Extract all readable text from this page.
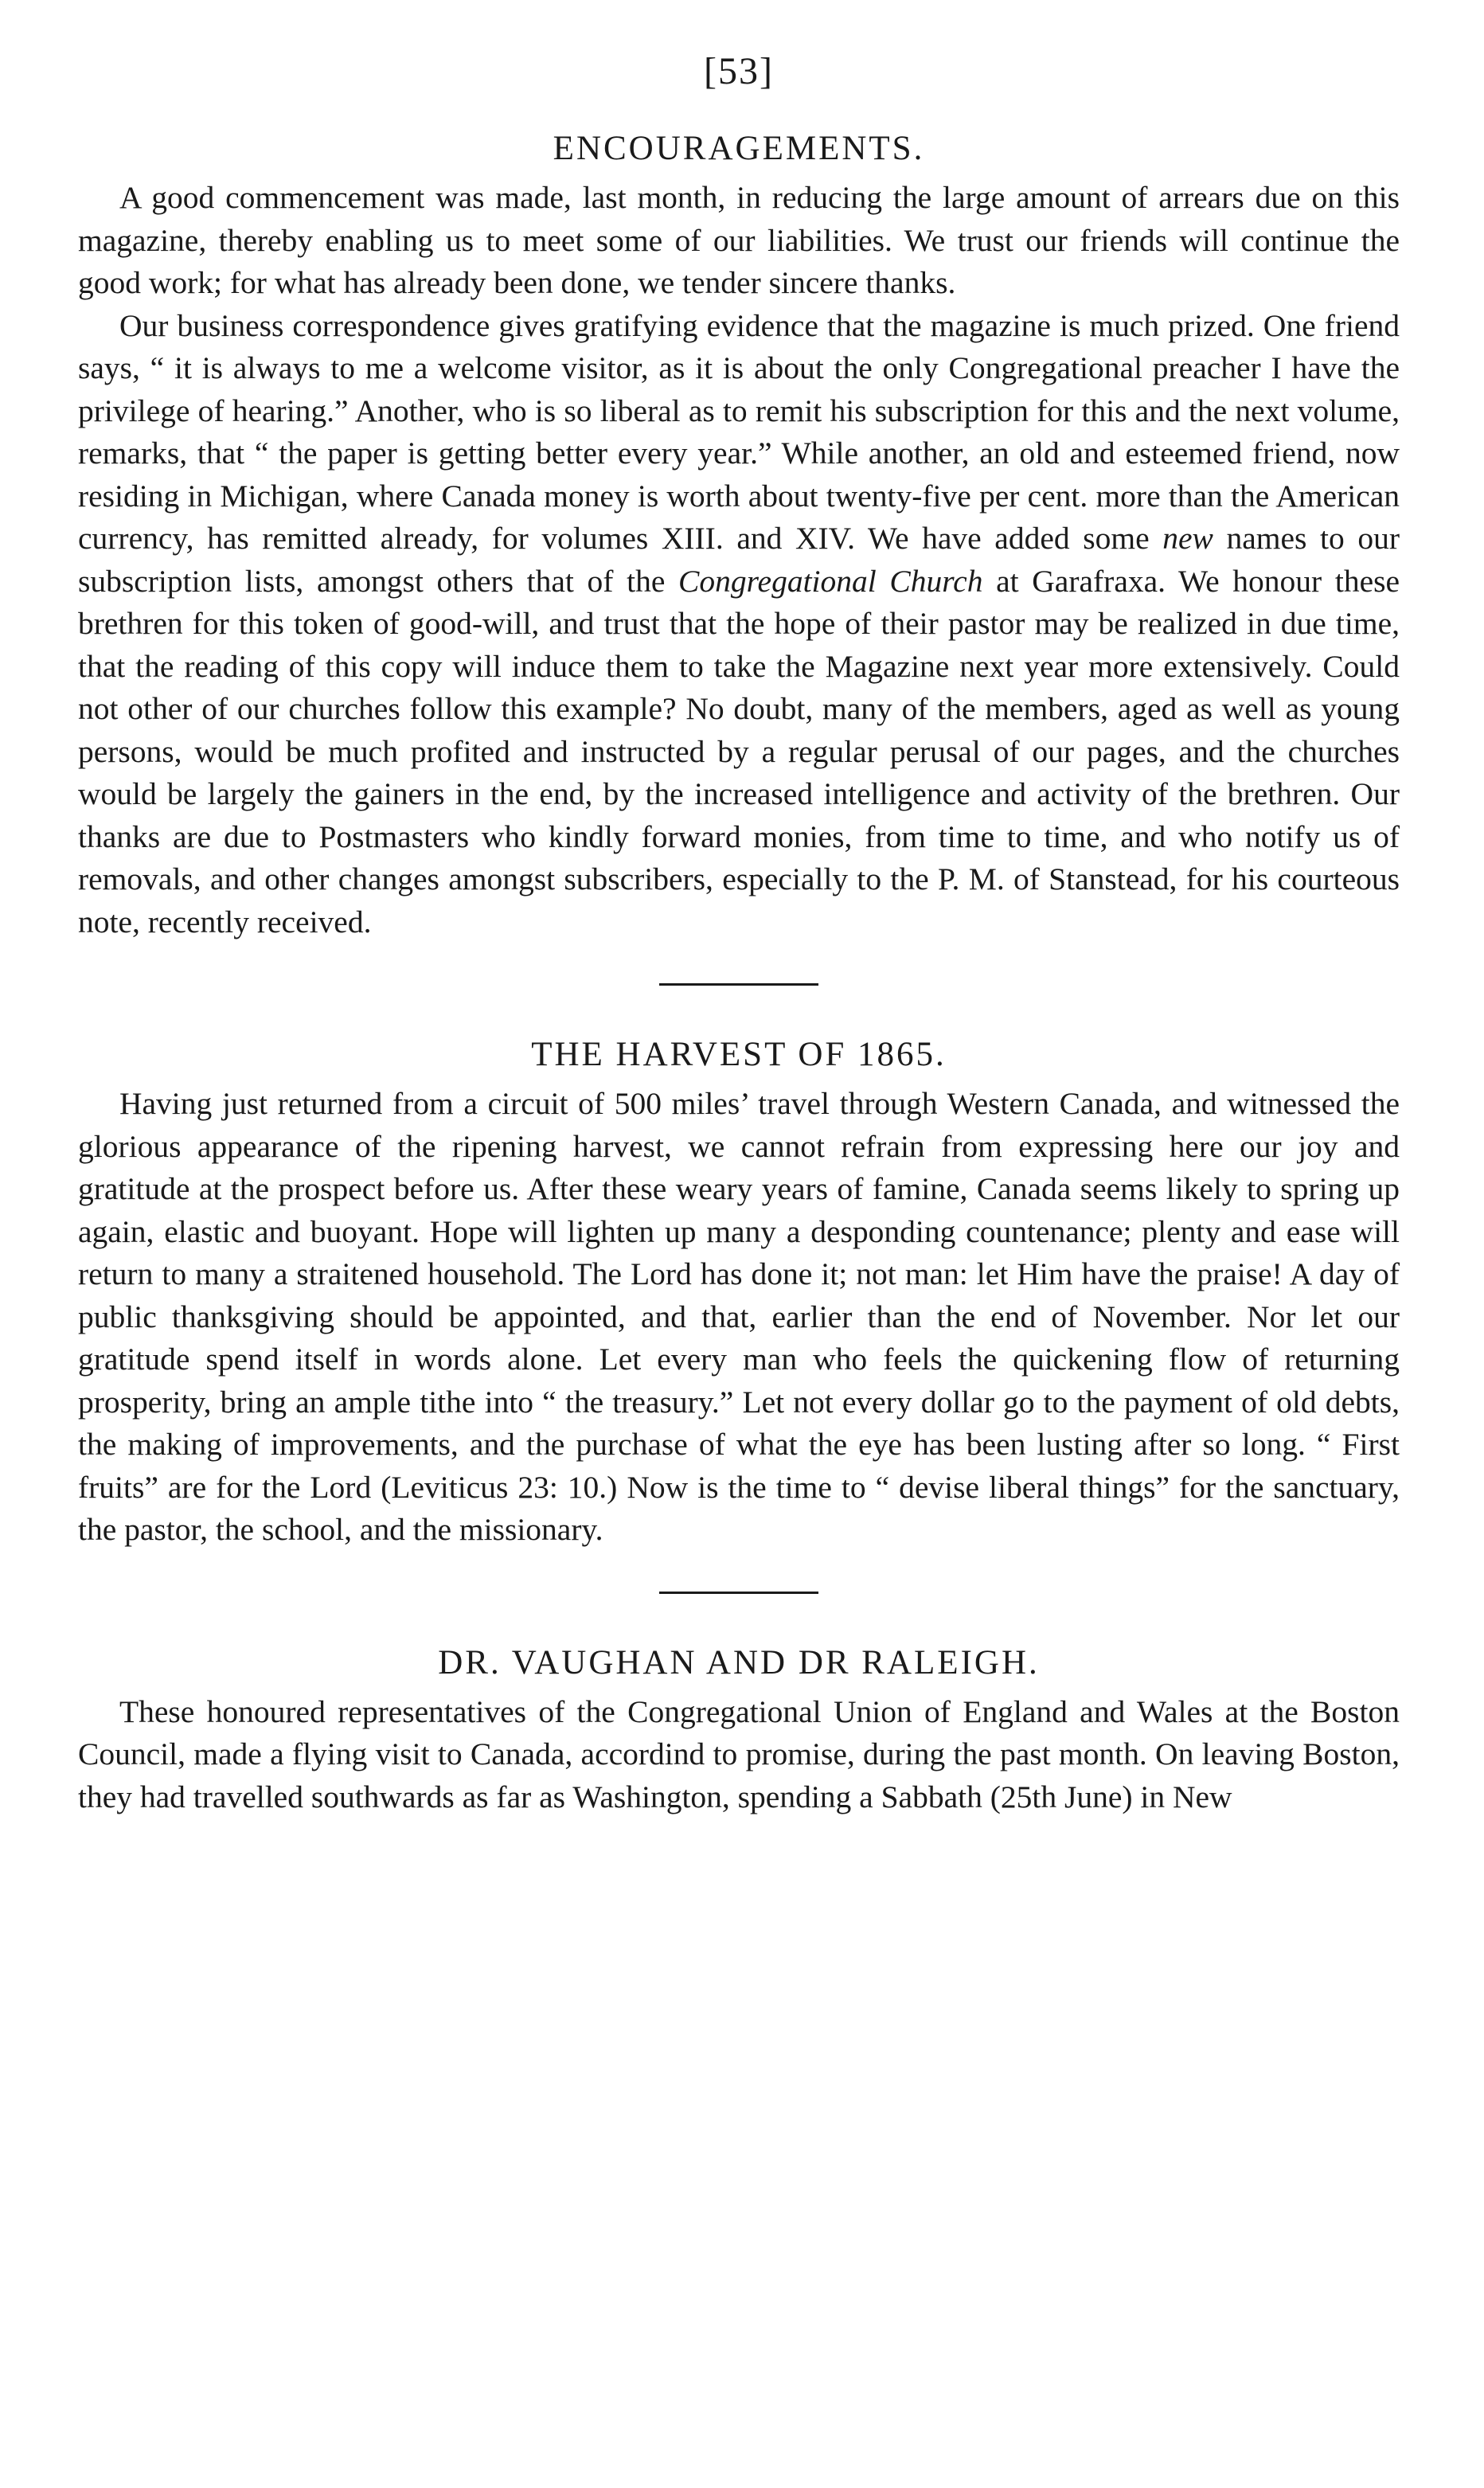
[53]
ENCOURAGEMENTS.

A good commencement was made, last month, in reducing the large amount of arrears due on this magazine, thereby enabling us to meet some of our liabilities. We trust our friends will continue the good work; for what has already been done, we tender sincere thanks.

Our business correspondence gives gratifying evidence that the magazine is much prized. One friend says, “ it is always to me a welcome visitor, as it is about the only Congregational preacher I have the privilege of hearing.” Another, who is so liberal as to remit his subscription for this and the next volume, remarks, that “ the paper is getting better every year.” While another, an old and esteemed friend, now residing in Michigan, where Canada money is worth about twenty-five per cent. more than the American currency, has remitted already, for volumes XIII. and XIV. We have added some new names to our subscription lists, amongst others that of the Congregational Church at Garafraxa. We honour these brethren for this token of good-will, and trust that the hope of their pastor may be realized in due time, that the reading of this copy will induce them to take the Magazine next year more extensively. Could not other of our churches follow this example? No doubt, many of the members, aged as well as young persons, would be much profited and instructed by a regular perusal of our pages, and the churches would be largely the gainers in the end, by the increased intelligence and activity of the brethren. Our thanks are due to Postmasters who kindly forward monies, from time to time, and who notify us of removals, and other changes amongst subscribers, especially to the P. M. of Stanstead, for his courteous note, recently received.

THE HARVEST OF 1865.

Having just returned from a circuit of 500 miles’ travel through Western Canada, and witnessed the glorious appearance of the ripening harvest, we cannot refrain from expressing here our joy and gratitude at the prospect before us. After these weary years of famine, Canada seems likely to spring up again, elastic and buoyant. Hope will lighten up many a desponding countenance; plenty and ease will return to many a straitened household. The Lord has done it; not man: let Him have the praise! A day of public thanksgiving should be appointed, and that, earlier than the end of November. Nor let our gratitude spend itself in words alone. Let every man who feels the quickening flow of returning prosperity, bring an ample tithe into “ the treasury.” Let not every dollar go to the payment of old debts, the making of improvements, and the purchase of what the eye has been lusting after so long. “ First fruits” are for the Lord (Leviticus 23: 10.) Now is the time to “ devise liberal things” for the sanctuary, the pastor, the school, and the missionary.

DR. VAUGHAN AND DR RALEIGH.

These honoured representatives of the Congregational Union of England and Wales at the Boston Council, made a flying visit to Canada, accordind to promise, during the past month. On leaving Boston, they had travelled southwards as far as Washington, spending a Sabbath (25th June) in New
